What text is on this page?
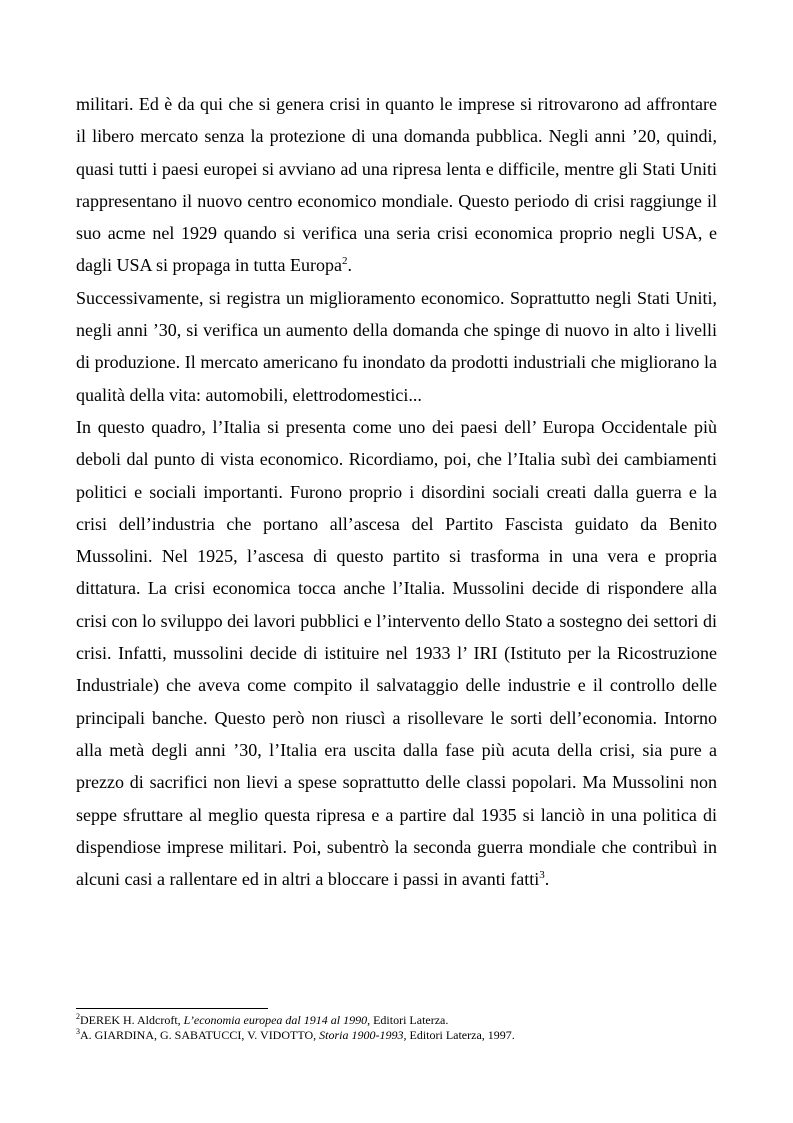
militari. Ed è da qui che si genera crisi in quanto le imprese si ritrovarono ad affrontare il libero mercato senza la protezione di una domanda pubblica. Negli anni ’20, quindi, quasi tutti i paesi europei si avviano ad una ripresa lenta e difficile, mentre gli Stati Uniti rappresentano il nuovo centro economico mondiale. Questo periodo di crisi raggiunge il suo acme nel 1929 quando si verifica una seria crisi economica proprio negli USA, e dagli USA si propaga in tutta Europa$^2$.

Successivamente, si registra un miglioramento economico. Soprattutto negli Stati Uniti, negli anni ’30, si verifica un aumento della domanda che spinge di nuovo in alto i livelli di produzione. Il mercato americano fu inondato da prodotti industriali che migliorano la qualità della vita: automobili, elettrodomestici...

In questo quadro, l’Italia si presenta come uno dei paesi dell’ Europa Occidentale più deboli dal punto di vista economico. Ricordiamo, poi, che l’Italia subì dei cambiamenti politici e sociali importanti. Furono proprio i disordini sociali creati dalla guerra e la crisi dell’industria che portano all’ascesa del Partito Fascista guidato da Benito Mussolini. Nel 1925, l’ascesa di questo partito si trasforma in una vera e propria dittatura. La crisi economica tocca anche l’Italia. Mussolini decide di rispondere alla crisi con lo sviluppo dei lavori pubblici e l’intervento dello Stato a sostegno dei settori di crisi. Infatti, mussolini decide di istituire nel 1933 l’ IRI (Istituto per la Ricostruzione Industriale) che aveva come compito il salvataggio delle industrie e il controllo delle principali banche. Questo però non riuscì a risollevare le sorti dell’economia. Intorno alla metà degli anni ’30, l’Italia era uscita dalla fase più acuta della crisi, sia pure a prezzo di sacrifici non lievi a spese soprattutto delle classi popolari. Ma Mussolini non seppe sfruttare al meglio questa ripresa e a partire dal 1935 si lanciò in una politica di dispendiose imprese militari. Poi, subentrò la seconda guerra mondiale che contribuì in alcuni casi a rallentare ed in altri a bloccare i passi in avanti fatti$^3$.

$^2$DEREK H. Aldcroft, L’economia europea dal 1914 al 1990, Editori Laterza.

$^3$A. GIARDINA, G. SABATUCCI, V. VIDOTTO, Storia 1900-1993, Editori Laterza, 1997.
